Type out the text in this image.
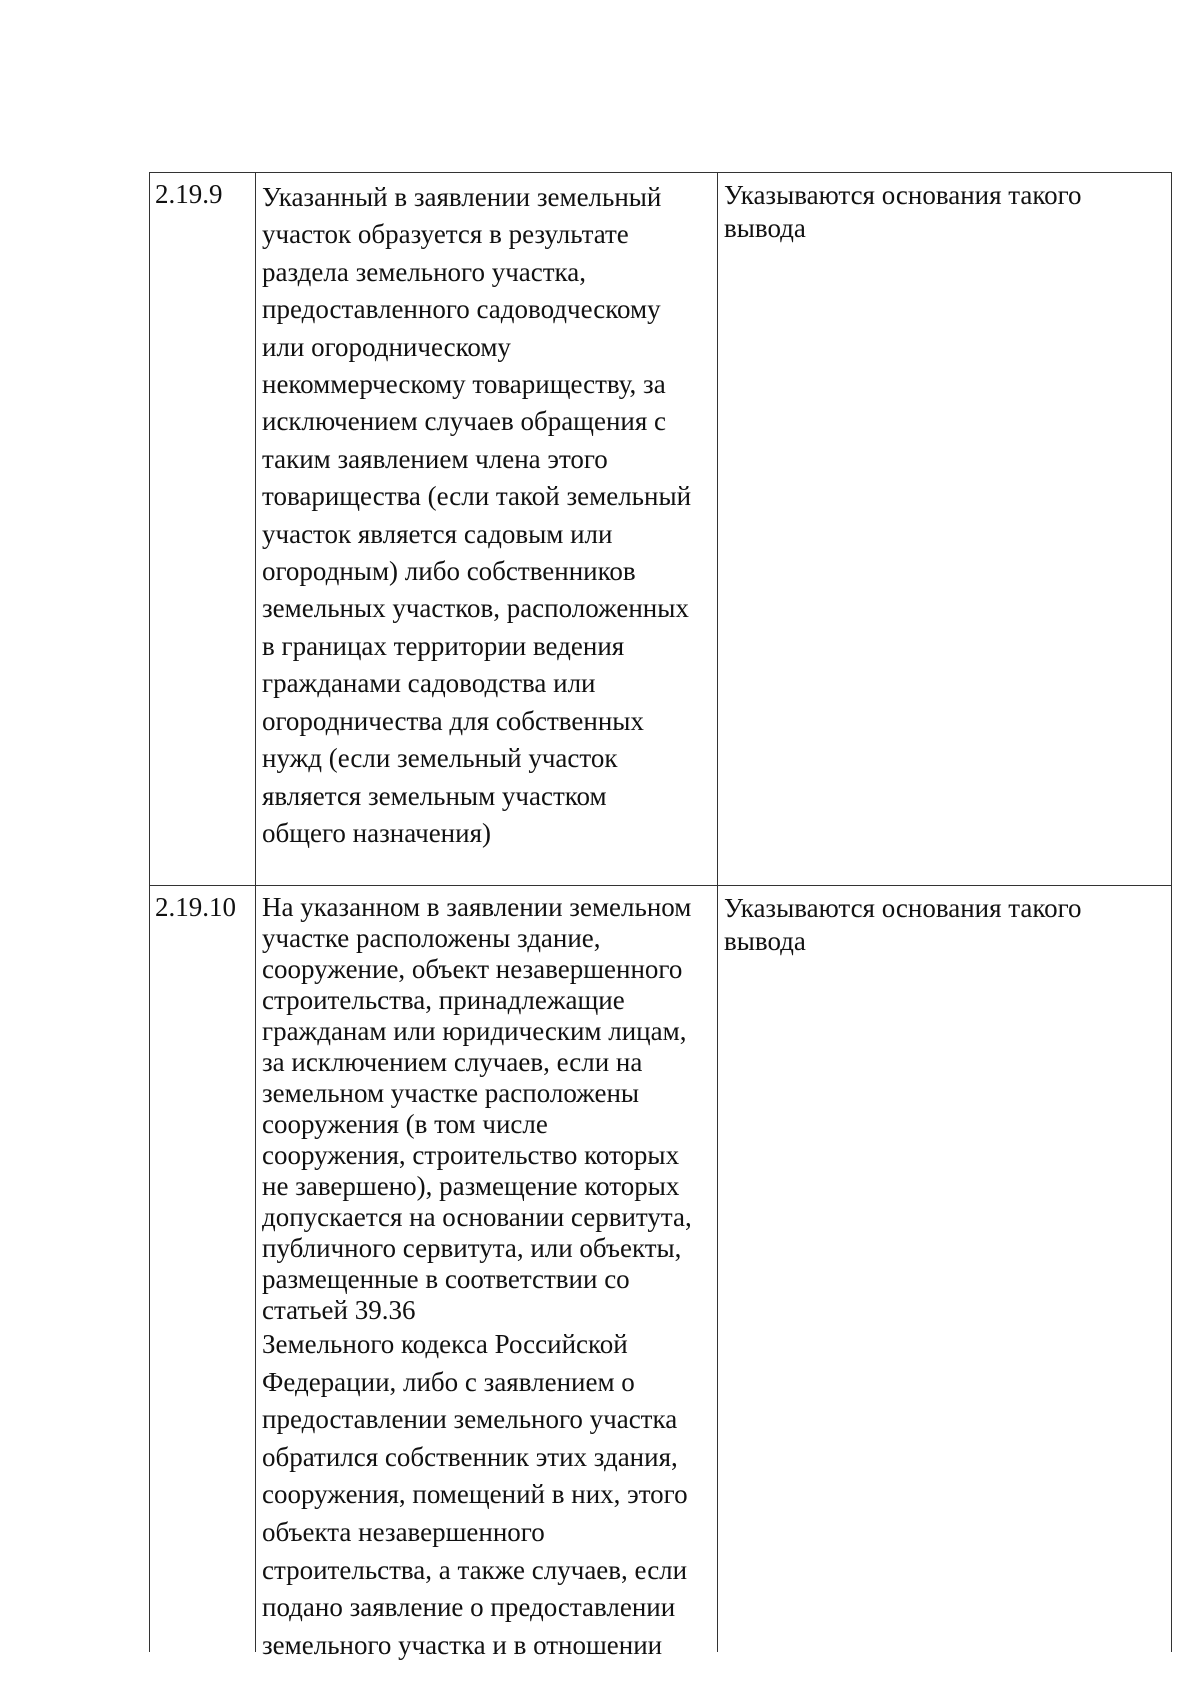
2.19.9	Указанный в заявлении земельный
участок образуется в результате
раздела земельного участка,
предоставленного садоводческому
или огородническому
некоммерческому товариществу, за
исключением случаев обращения с
таким заявлением члена этого
товарищества (если такой земельный
участок является садовым или
огородным) либо собственников
земельных участков, расположенных
в границах территории ведения
гражданами садоводства или
огородничества для собственных
нужд (если земельный участок
является земельным участком
общего назначения)
Указываются основания такого
вывода
2.19.10 На указанном в заявлении земельном
участке расположены здание,
сооружение, объект незавершенного
строительства, принадлежащие
гражданам или юридическим лицам,
за исключением случаев, если на
земельном участке расположены
сооружения (в том числе
сооружения, строительство которых
не завершено), размещение которых
допускается на основании сервитута,
публичного сервитута, или объекты,
размещенные в соответствии со
статьей 39.36
Земельного кодекса Российской
Федерации, либо с заявлением о
предоставлении земельного участка
обратился собственник этих здания,
сооружения, помещений в них, этого
объекта незавершенного
строительства, а также случаев, если
подано заявление о предоставлении
земельного участка и в отношении
Указываются основания такого
вывода
